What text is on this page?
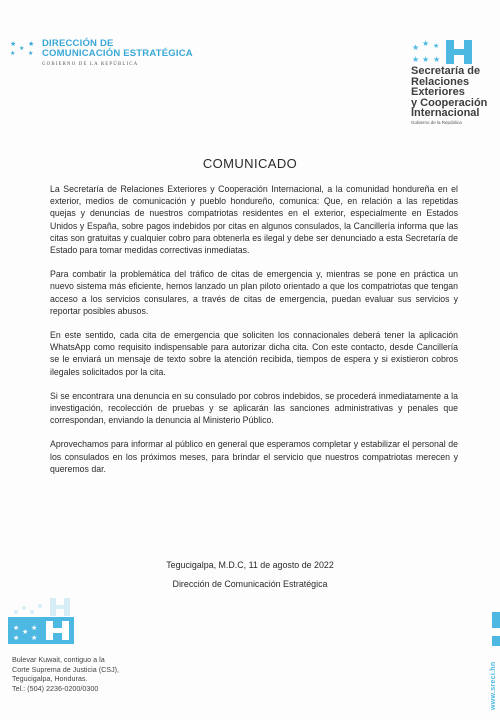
★
★
★
★
★
DIRECCIÓN DE
COMUNICACIÓN ESTRATÉGICA
GOBIERNO DE LA REPÚBLICA
★ ★
★ ★ ★
★
Secretaría de
Relaciones
Exteriores
y Cooperación
Internacional
Gobierno de la República
COMUNICADO

La Secretaría de Relaciones Exteriores y Cooperación Internacional, a la comunidad hondureña en el exterior, medios de comunicación y pueblo hondureño, comunica: Que, en relación a las repetidas quejas y denuncias de nuestros compatriotas residentes en el exterior, especialmente en Estados Unidos y España, sobre pagos indebidos por citas en algunos consulados, la Cancillería informa que las citas son gratuitas y cualquier cobro para obtenerla es ilegal y debe ser denunciado a esta Secretaría de Estado para tomar medidas correctivas inmediatas.

Para combatir la problemática del tráfico de citas de emergencia y, mientras se pone en práctica un nuevo sistema más eficiente, hemos lanzado un plan piloto orientado a que los compatriotas que tengan acceso a los servicios consulares, a través de citas de emergencia, puedan evaluar sus servicios y reportar posibles abusos.

En este sentido, cada cita de emergencia que soliciten los connacionales deberá tener la aplicación WhatsApp como requisito indispensable para autorizar dicha cita. Con este contacto, desde Cancillería se le enviará un mensaje de texto sobre la atención recibida, tiempos de espera y si existieron cobros ilegales solicitados por la cita.

Si se encontrara una denuncia en su consulado por cobros indebidos, se procederá inmediatamente a la investigación, recolección de pruebas y se aplicarán las sanciones administrativas y penales que correspondan, enviando la denuncia al Ministerio Público.

Aprovechamos para informar al público en general que esperamos completar y estabilizar el personal de los consulados en los próximos meses, para brindar el servicio que nuestros compatriotas merecen y queremos dar.

Tegucigalpa, M.D.C, 11 de agosto de 2022
Dirección de Comunicación Estratégica
★
★
★
★
★
Bulevar Kuwait, contiguo a la
Corte Suprema de Justicia (CSJ),
Tegucigalpa, Honduras.
Tel.: (504) 2236-0200/0300	www.sreci.hn
